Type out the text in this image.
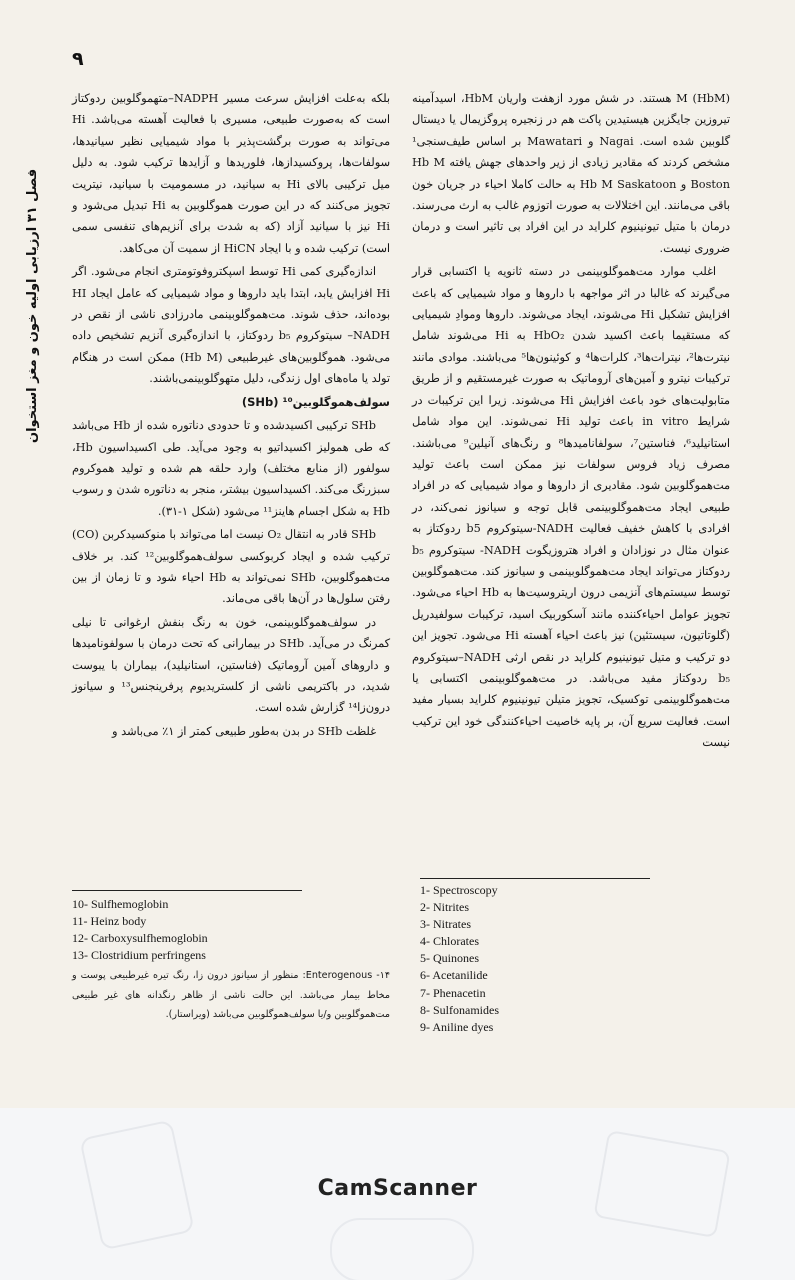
۹
فصل ۳۱ ارزیابی اولیه خون و مغز استخوان

M (HbM) هستند. در شش مورد ازهفت واریان HbM، اسیدآمینه تیروزین جایگزین هیستیدین پاکت هم در زنجیره پروگزیمال یا دیستال گلوبین شده است. Nagai و Mawatari بر اساس طیف‌سنجی¹ مشخص کردند که مقادیر زیادی از زیر واحدهای جهش یافته Hb M Boston و Hb M Saskatoon به حالت کاملا احیاء در جریان خون باقی می‌مانند. این اختلالات به صورت اتوزوم غالب به ارث می‌رسند. درمان با متیل تیونینیوم کلراید در این افراد بی تاثیر است و درمان ضروری نیست.

اغلب موارد مت‌هموگلوبینمی در دسته ثانویه یا اکتسابی قرار می‌گیرند که غالبا در اثر مواجهه با داروها و مواد شیمیایی که باعث افزایش تشکیل Hi می‌شوند، ایجاد می‌شوند. داروها وموادِ شیمیایی که مستقیما باعث اکسید شدن HbO₂ به Hi می‌شوند شامل نیترت‌ها²، نیترات‌ها³، کلرات‌ها⁴ و کوئینون‌ها⁵ می‌باشند. موادی مانند ترکیبات نیترو و آمین‌های آروماتیک به صورت غیرمستقیم و از طریق متابولیت‌های خود باعث افزایش Hi می‌شوند. زیرا این ترکیبات در شرایط in vitro باعث تولید Hi نمی‌شوند. این مواد شامل استانیلید⁶، فناستین⁷، سولفانامیدها⁸ و رنگ‌های آنیلین⁹ می‌باشند. مصرف زیاد فروس سولفات نیز ممکن است باعث تولید مت‌هموگلوبین شود. مقادیری از داروها و مواد شیمیایی که در افراد طبیعی ایجاد مت‌هموگلوبینمی قابل توجه و سیانوز نمی‌کند، در افرادی با کاهش خفیف فعالیت NADH-سیتوکروم b5 ردوکتاز به عنوان مثال در نوزادان و افراد هتروزیگوت NADH- سیتوکروم b₅ ردوکتاز می‌تواند ایجاد مت‌هموگلوبینمی و سیانوز کند. مت‌هموگلوبین توسط سیستم‌های آنزیمی درون اریتروسیت‌ها به Hb احیاء می‌شود. تجویز عوامل احیاءکننده مانند آسکوربیک اسید، ترکیبات سولفیدریل (گلوتاتیون، سیستئین) نیز باعث احیاء آهسته Hi می‌شود. تجویز این دو ترکیب و متیل تیونینیوم کلراید در نقص ارثی NADH–سیتوکروم b₅ ردوکتاز مفید می‌باشد. در مت‌هموگلوبینمی اکتسابی یا مت‌هموگلوبینمی توکسیک، تجویز متیلن تیونینیوم کلراید بسیار مفید است. فعالیت سریع آن، بر پایه خاصیت احیاءکنندگی خود این ترکیب نیست

بلکه به‌علت افزایش سرعت مسیر NADPH–متهموگلوبین ردوکتاز است که به‌صورت طبیعی، مسیری با فعالیت آهسته می‌باشد. Hi می‌تواند به صورت برگشت‌پذیر با مواد شیمیایی نظیر سیانیدها، سولفات‌ها، پروکسیدازها، فلوریدها و آزایدها ترکیب شود. به دلیل میل ترکیبی بالای Hi به سیانید، در مسمومیت با سیانید، نیتریت تجویز می‌کنند که در این صورت هموگلوبین به Hi تبدیل می‌شود و Hi نیز با سیانید آزاد (که به شدت برای آنزیم‌های تنفسی سمی است) ترکیب شده و با ایجاد HiCN از سمیت آن می‌کاهد.

اندازه‌گیری کمی Hi توسط اسپکتروفوتومتری انجام می‌شود. اگر Hi افزایش یابد، ابتدا باید داروها و مواد شیمیایی که عامل ایجاد HI بوده‌اند، حذف شوند. مت‌هموگلوبینمی مادرزادی ناشی از نقص در NADH– سیتوکروم b₅ ردوکتاز، با اندازه‌گیری آنزیم تشخیص داده می‌شود. هموگلوبین‌های غیرطبیعی (Hb M) ممکن است در هنگام تولد یا ماه‌های اول زندگی، دلیل متهوگلوبینمی‌باشند.

سولف‌هموگلوبین¹⁰ (SHb)

SHb ترکیبی اکسیدشده و تا حدودی دناتوره شده از Hb می‌باشد که طی همولیز اکسیداتیو به وجود می‌آید. طی اکسیداسیون Hb، سولفور (از منابع مختلف) وارد حلقه هم شده و تولید هموکروم سبزرنگ می‌کند. اکسیداسیون بیشتر، منجر به دناتوره شدن و رسوب Hb به شکل اجسام هاینز¹¹ می‌شود (شکل ۱-۳۱).

SHb قادر به انتقال O₂ نیست اما می‌تواند با منوکسیدکربن (CO) ترکیب شده و ایجاد کربوکسی سولف‌هموگلوبین¹² کند. بر خلاف مت‌هموگلوبین، SHb نمی‌تواند به Hb احیاء شود و تا زمان از بین رفتن سلول‌ها در آن‌ها باقی می‌ماند.

در سولف‌هموگلوبینمی، خون به رنگ بنفش ارغوانی تا نیلی کمرنگ در می‌آید. SHb در بیمارانی که تحت درمان با سولفونامیدها و داروهای آمین آروماتیک (فناستین، استانیلید)، بیماران با یبوست شدید، در باکتریمی ناشی از کلستریدیوم پرفرینجنس¹³ و سیانوز درون‌زا¹⁴ گزارش شده است.

غلظت SHb در بدن به‌طور طبیعی کمتر از ۱٪ می‌باشد و

1- Spectroscopy
2- Nitrites
3- Nitrates
4- Chlorates
5- Quinones
6- Acetanilide
7- Phenacetin
8- Sulfonamides
9- Aniline dyes
10- Sulfhemoglobin
11- Heinz body
12- Carboxysulfhemoglobin
13- Clostridium perfringens
۱۴- Enterogenous: منظور از سیانوز درون زا، رنگ تیره غیرطبیعی پوست و مخاط بیمار می‌باشد. این حالت ناشی از ظاهر رنگدانه های غیر طبیعی مت‌هموگلوبین و/یا سولف‌هموگلوبین می‌باشد (ویراستار).
CamScanner
